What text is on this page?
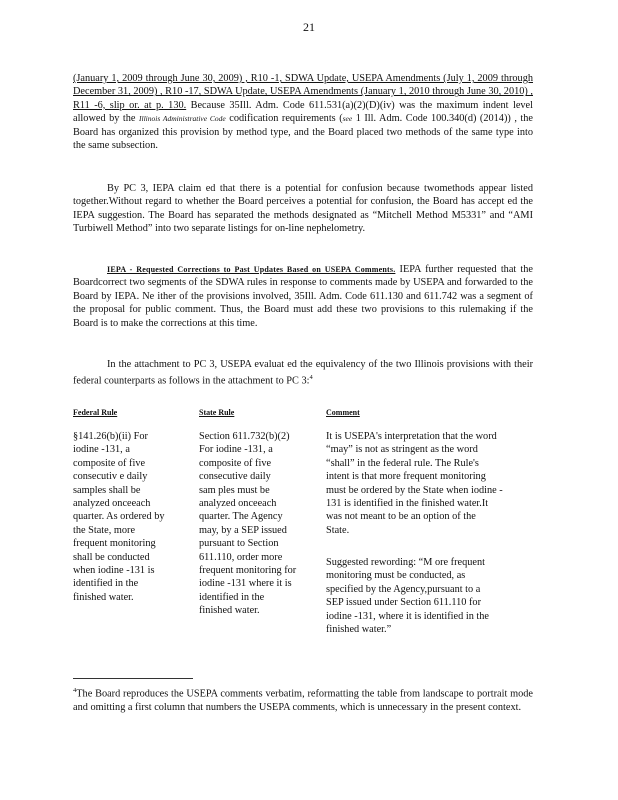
21

(January 1, 2009 through June 30, 2009) , R10 -1, SDWA Update, USEPA Amendments (July 1, 2009 through December 31, 2009) , R10 -17, SDWA Update, USEPA Amendments (January 1, 2010 through June 30, 2010) , R11 -6, slip or. at p. 130. Because 35Ill. Adm. Code 611.531(a)(2)(D)(iv) was the maximum indent level allowed by the Illinois Administrative Code codification requirements (see 1 Ill. Adm. Code 100.340(d) (2014)) , the Board has organized this provision by method type, and the Board placed two methods of the same type into the same subsection.

By PC 3, IEPA claim ed that there is a potential for confusion because twomethods appear listed together.Without regard to whether the Board perceives a potential for confusion, the Board has accept ed the IEPA suggestion. The Board has separated the methods designated as “Mitchell Method M5331” and “AMI Turbiwell Method” into two separate listings for on-line nephelometry.

IEPA - Requested Corrections to Past Updates Based on USEPA Comments. IEPA further requested that the Boardcorrect two segments of the SDWA rules in response to comments made by USEPA and forwarded to the Board by IEPA. Ne ither of the provisions involved, 35Ill. Adm. Code 611.130 and 611.742 was a segment of the proposal for public comment. Thus, the Board must add these two provisions to this rulemaking if the Board is to make the corrections at this time.

In the attachment to PC 3, USEPA evaluat ed the equivalency of the two Illinois provisions with their federal counterparts as follows in the attachment to PC 3:$^4$

Federal Rule	State Rule	Comment
§141.26(b)(ii) For
iodine -131, a
composite of five
consecutiv e daily
samples shall be
analyzed onceeach
quarter. As ordered by
the State, more
frequent monitoring
shall be conducted
when iodine -131 is
identified in the
finished water.
Section 611.732(b)(2)
For iodine -131, a
composite of five
consecutive daily
sam ples must be
analyzed onceeach
quarter. The Agency
may, by a SEP issued
pursuant to Section
611.110, order more
frequent monitoring for
iodine -131 where it is
identified in the
finished water.
It is USEPA's interpretation that the word
“may” is not as stringent as the word
“shall” in the federal rule. The Rule's
intent is that more frequent monitoring
must be ordered by the State when iodine -
131 is identified in the finished water.It
was not meant to be an option of the
State.
Suggested rewording: “M ore frequent
monitoring must be conducted, as
specified by the Agency,pursuant to a
SEP issued under Section 611.110 for
iodine -131, where it is identified in the
finished water.”

$^4$The Board reproduces the USEPA comments verbatim, reformatting the table from landscape to portrait mode and omitting a first column that numbers the USEPA comments, which is unnecessary in the present context.
